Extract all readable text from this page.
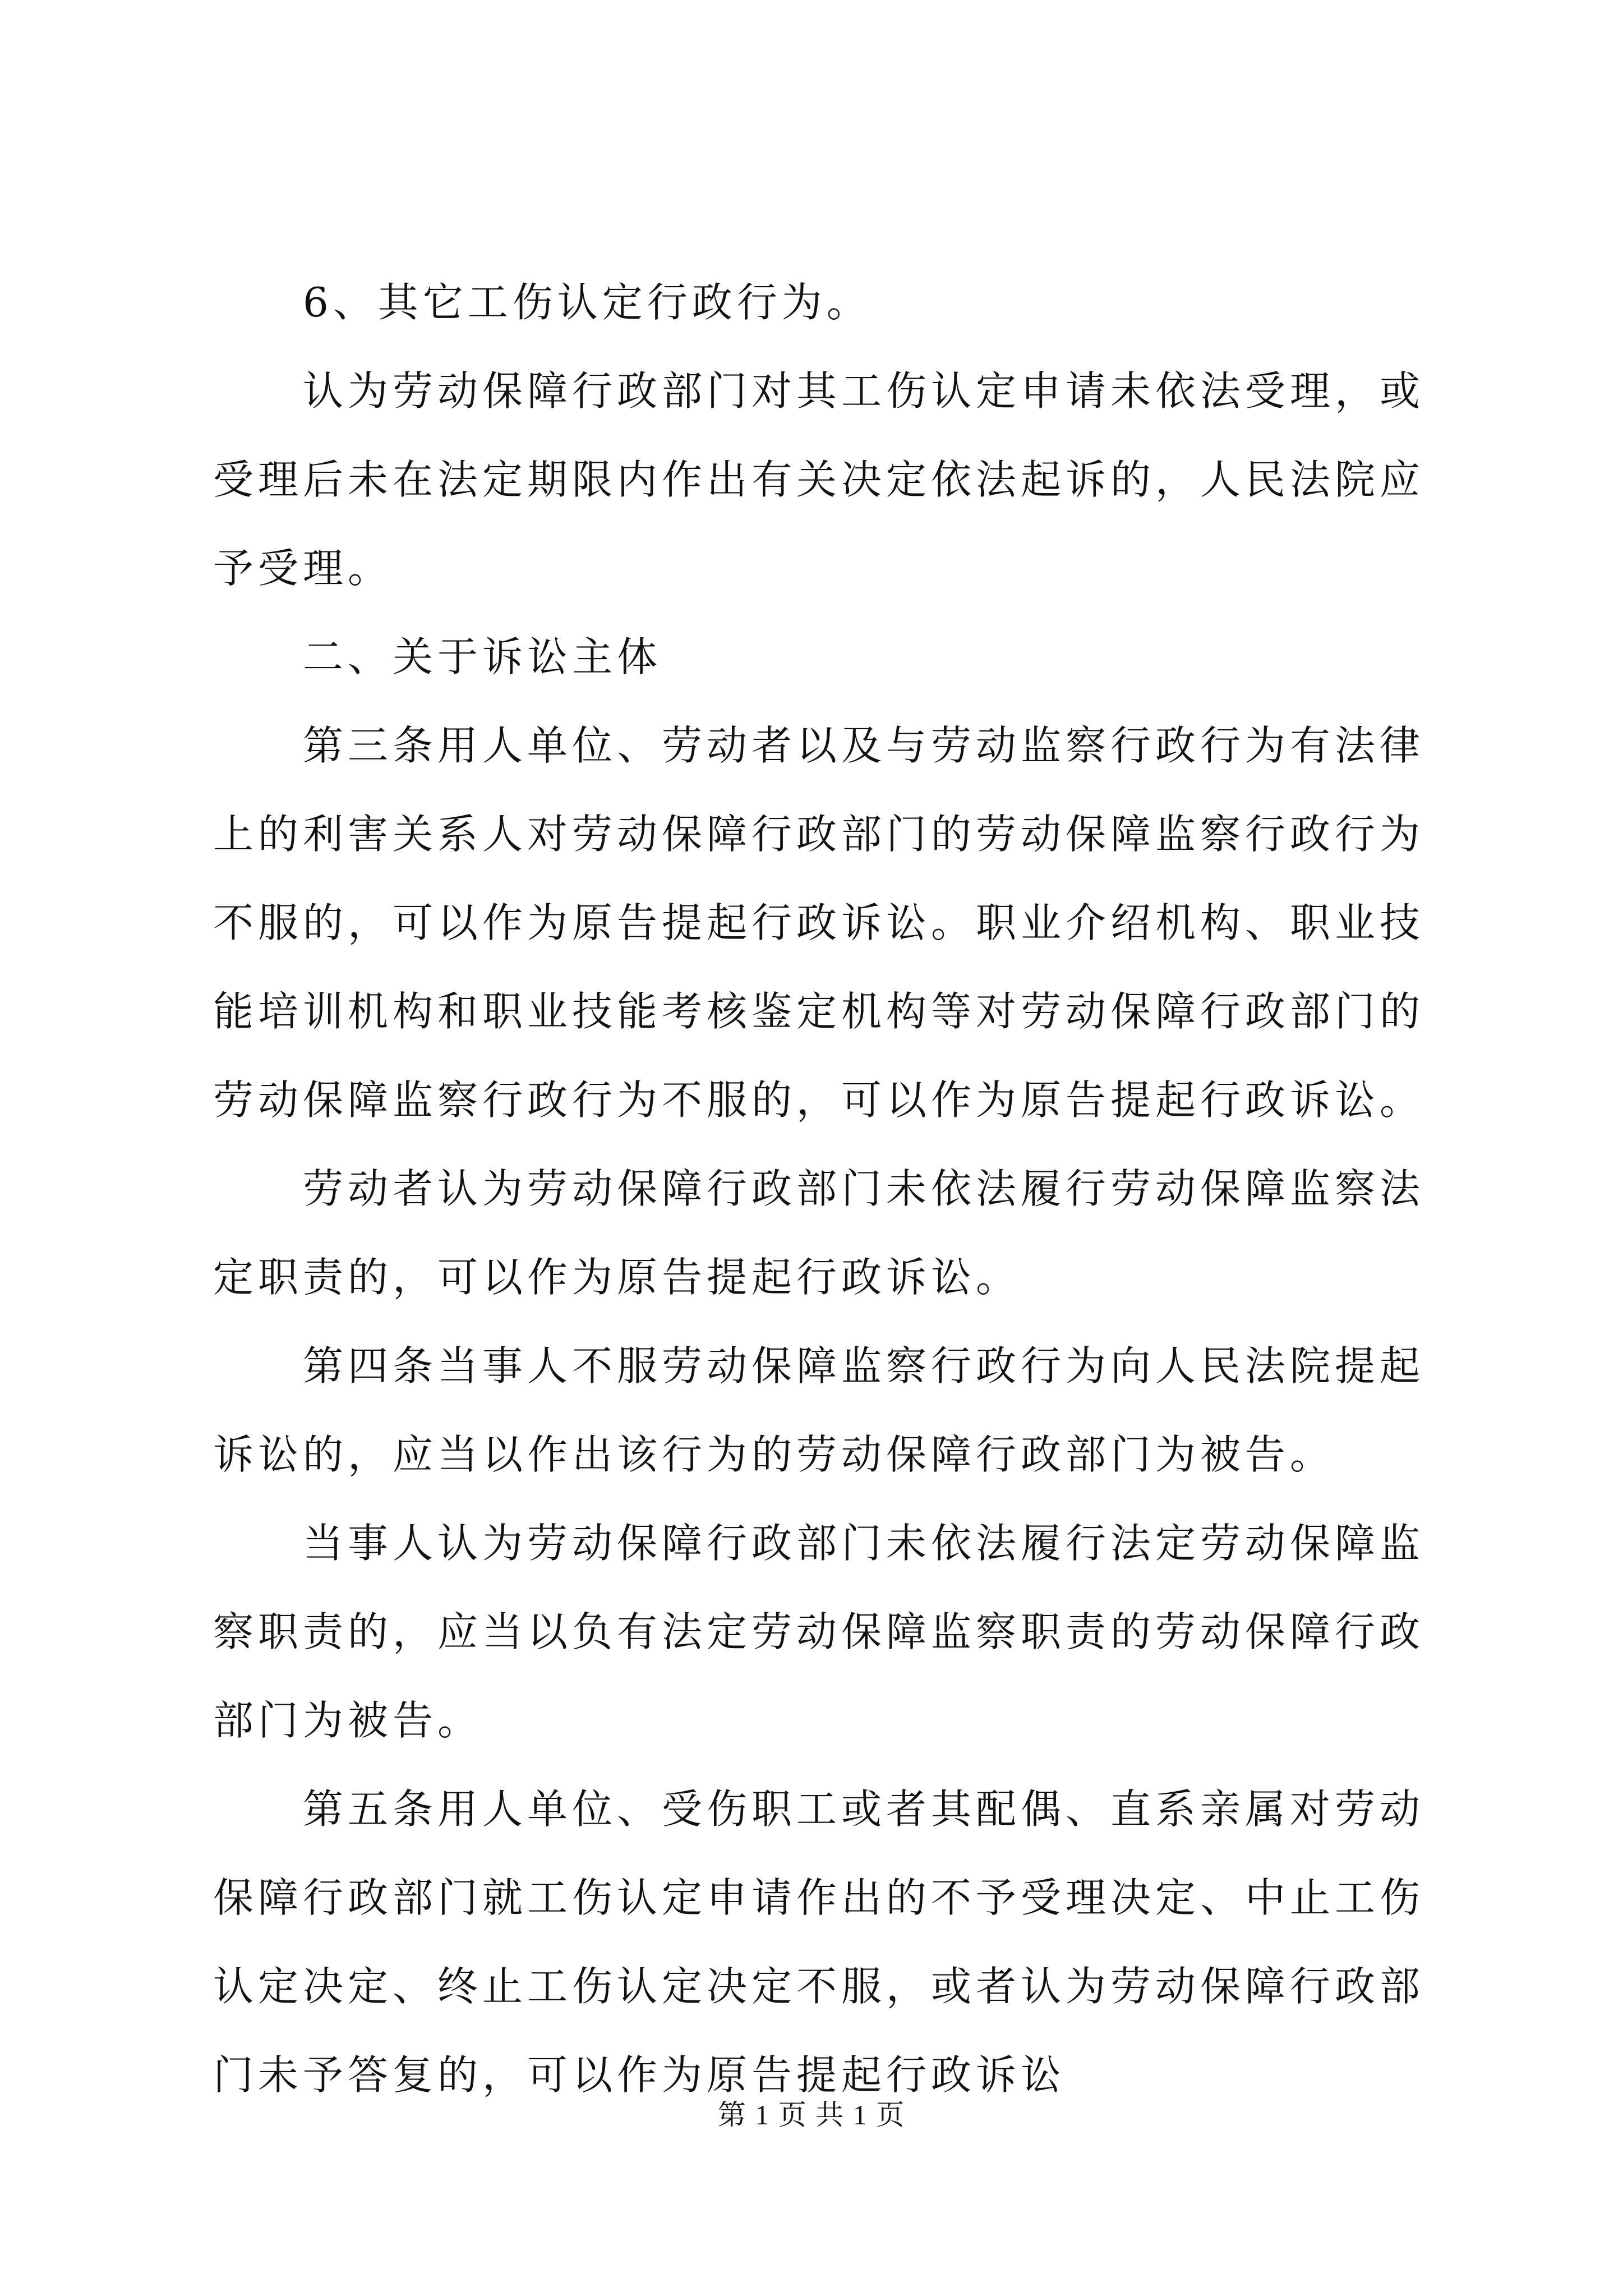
6、其它工伤认定行政行为。

认为劳动保障行政部门对其工伤认定申请未依法受理，或受理后未在法定期限内作出有关决定依法起诉的，人民法院应予受理。

二、关于诉讼主体

第三条用人单位、劳动者以及与劳动监察行政行为有法律上的利害关系人对劳动保障行政部门的劳动保障监察行政行为不服的，可以作为原告提起行政诉讼。职业介绍机构、职业技能培训机构和职业技能考核鉴定机构等对劳动保障行政部门的劳动保障监察行政行为不服的，可以作为原告提起行政诉讼。

劳动者认为劳动保障行政部门未依法履行劳动保障监察法定职责的，可以作为原告提起行政诉讼。

第四条当事人不服劳动保障监察行政行为向人民法院提起诉讼的，应当以作出该行为的劳动保障行政部门为被告。

当事人认为劳动保障行政部门未依法履行法定劳动保障监察职责的，应当以负有法定劳动保障监察职责的劳动保障行政部门为被告。

第五条用人单位、受伤职工或者其配偶、直系亲属对劳动保障行政部门就工伤认定申请作出的不予受理决定、中止工伤认定决定、终止工伤认定决定不服，或者认为劳动保障行政部门未予答复的，可以作为原告提起行政诉讼

第 1 页 共 1 页
